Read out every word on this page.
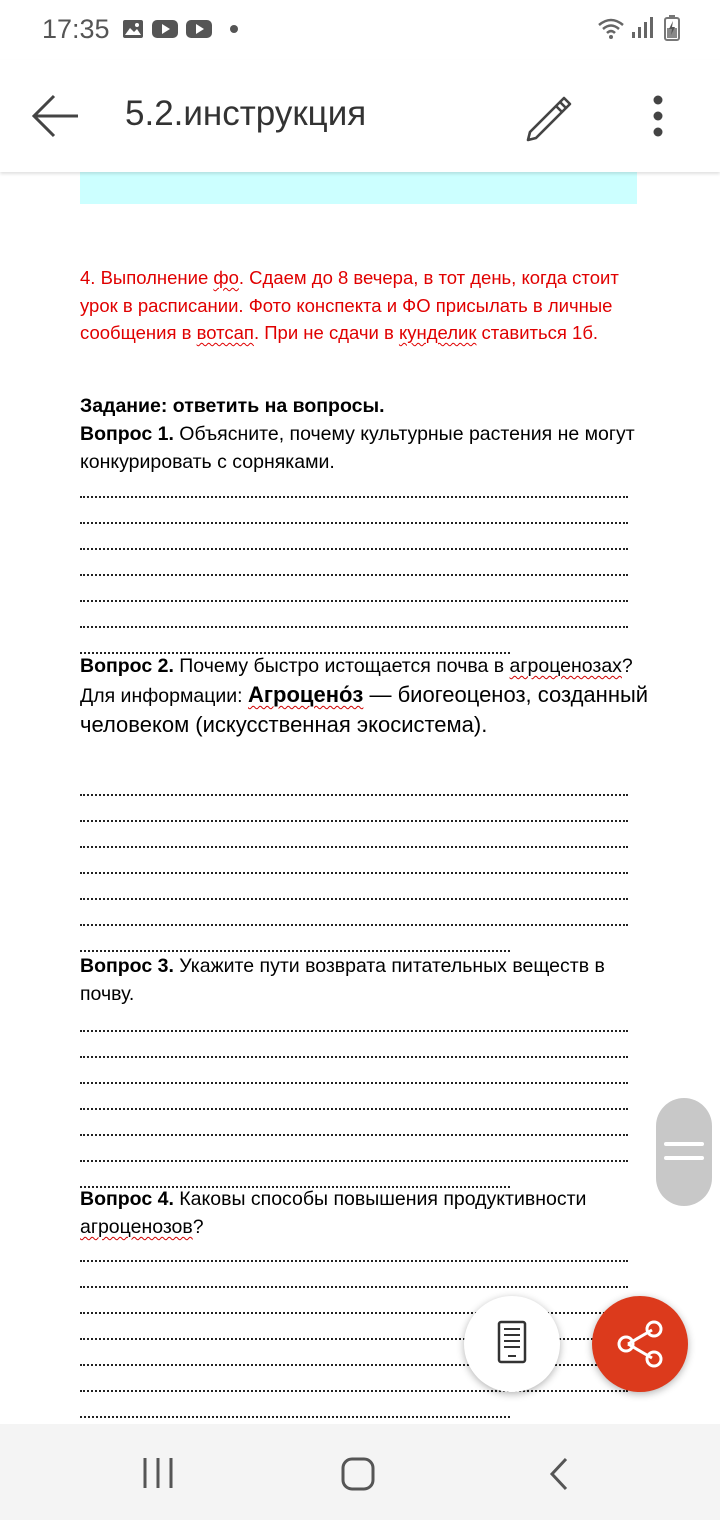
17:35
5.2.инструкция
4. Выполнение фо. Сдаем до 8 вечера, в тот день, когда стоит урок в расписании. Фото конспекта и ФО присылать в личные сообщения в вотсап. При не сдачи в кунделик ставиться 1б.
Задание: ответить на вопросы.
Вопрос 1. Объясните, почему культурные растения не могут конкурировать с сорняками.
Вопрос 2. Почему быстро истощается почва в агроценозах? Для информации: Агроцено́з — биогеоценоз, созданный человеком (искусственная экосистема).
Вопрос 3. Укажите пути возврата питательных веществ в почву.
Вопрос 4. Каковы способы повышения продуктивности агроценозов?
